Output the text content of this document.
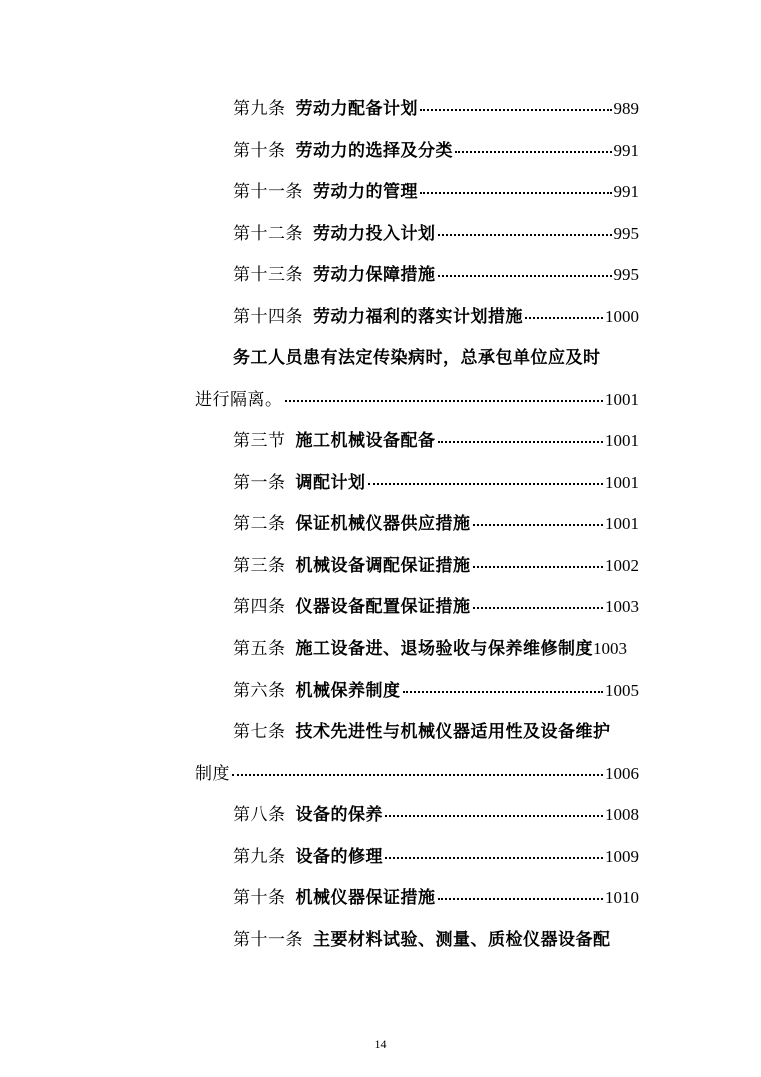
第九条 劳动力配备计划	989
第十条 劳动力的选择及分类	991
第十一条 劳动力的管理	991
第十二条 劳动力投入计划	995
第十三条 劳动力保障措施	995
第十四条 劳动力福利的落实计划措施	1000
务工人员患有法定传染病时，总承包单位应及时
进行隔离。	1001
第三节 施工机械设备配备	1001
第一条 调配计划	1001
第二条 保证机械仪器供应措施	1001
第三条 机械设备调配保证措施	1002
第四条 仪器设备配置保证措施	1003
第五条 施工设备进、退场验收与保养维修制度 1003
第六条 机械保养制度	1005
第七条 技术先进性与机械仪器适用性及设备维护
制度	1006
第八条 设备的保养	1008
第九条 设备的修理	1009
第十条 机械仪器保证措施	1010
第十一条 主要材料试验、测量、质检仪器设备配
14
